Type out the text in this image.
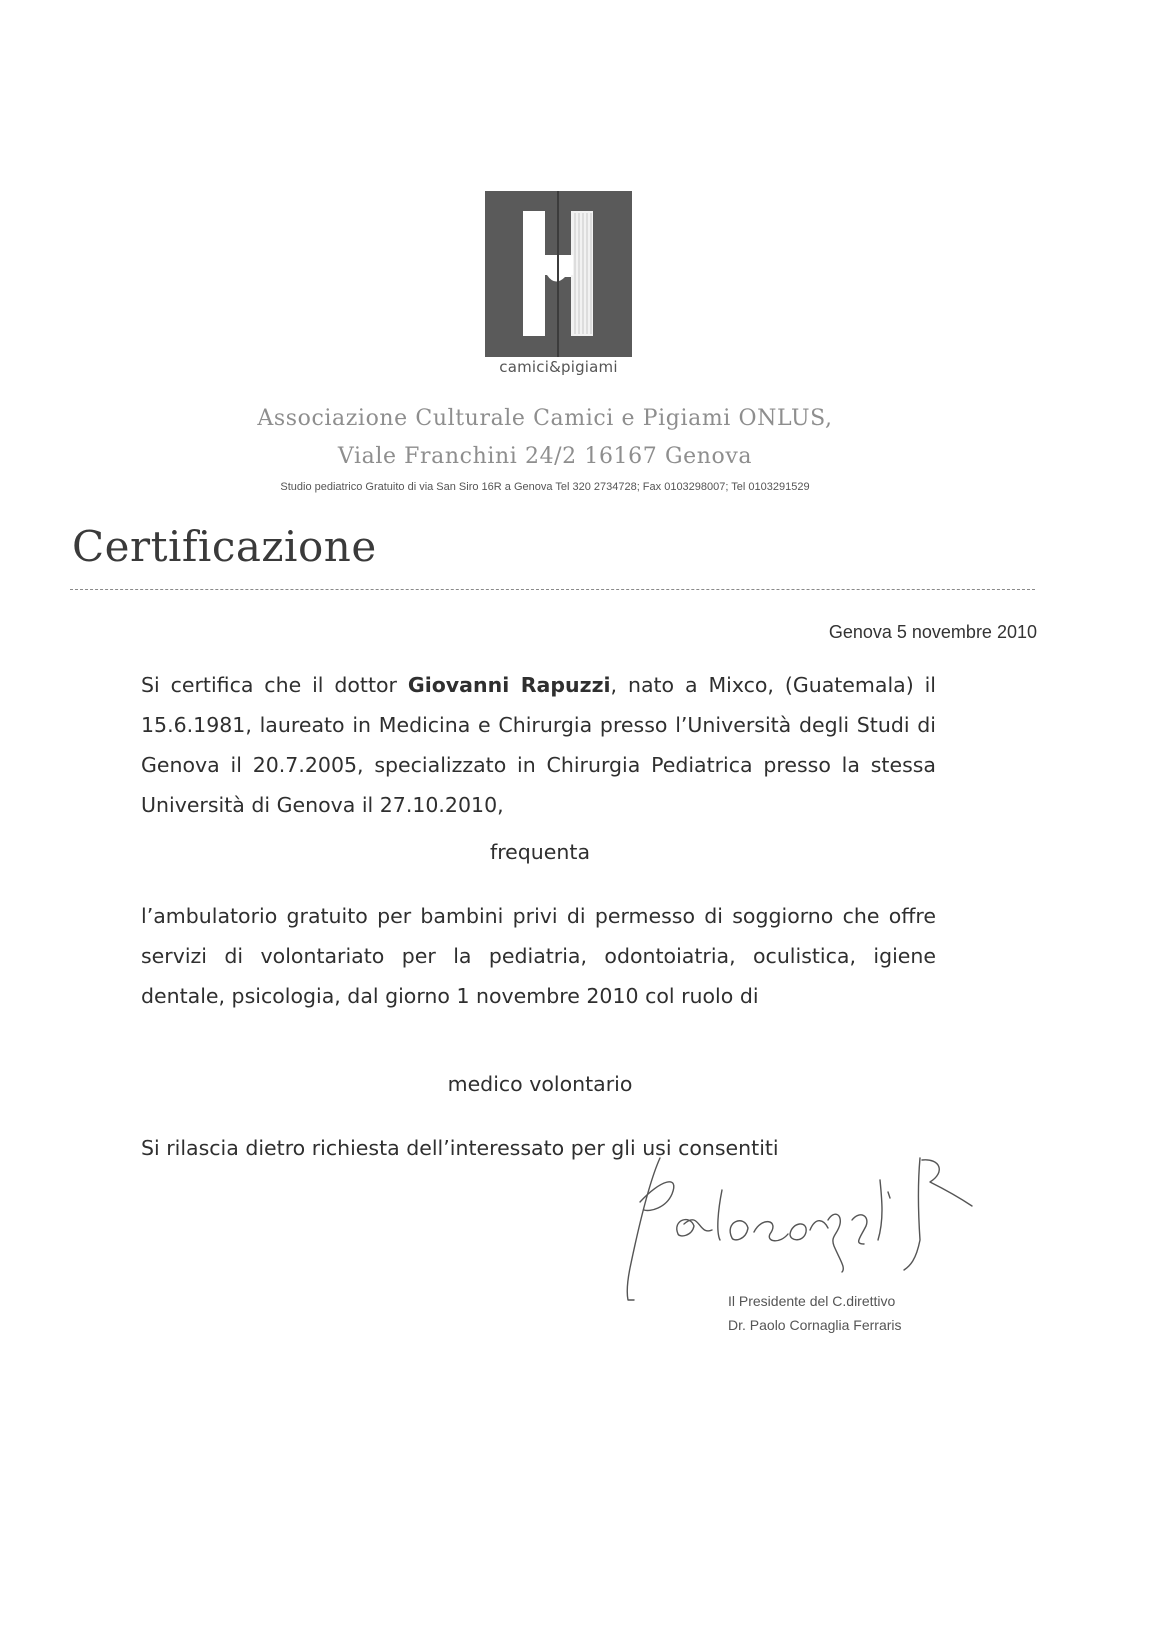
camici&pigiami
Associazione Culturale Camici e Pigiami ONLUS,
Viale Franchini 24/2 16167 Genova
Studio pediatrico Gratuito di via San Siro 16R a Genova Tel 320 2734728; Fax 0103298007; Tel 0103291529
Certificazione
Genova 5 novembre 2010
Si certifica che il dottor Giovanni Rapuzzi, nato a Mixco, (Guatemala) il 15.6.1981, laureato in Medicina e Chirurgia presso l’Università degli Studi di Genova il 20.7.2005, specializzato in Chirurgia Pediatrica presso la stessa Università di Genova il 27.10.2010,
frequenta
l’ambulatorio gratuito per bambini privi di permesso di soggiorno che offre servizi di volontariato per la pediatria, odontoiatria, oculistica, igiene dentale, psicologia, dal giorno 1 novembre 2010 col ruolo di
medico volontario
Si rilascia dietro richiesta dell’interessato per gli usi consentiti
Il Presidente del C.direttivo
Dr. Paolo Cornaglia Ferraris
